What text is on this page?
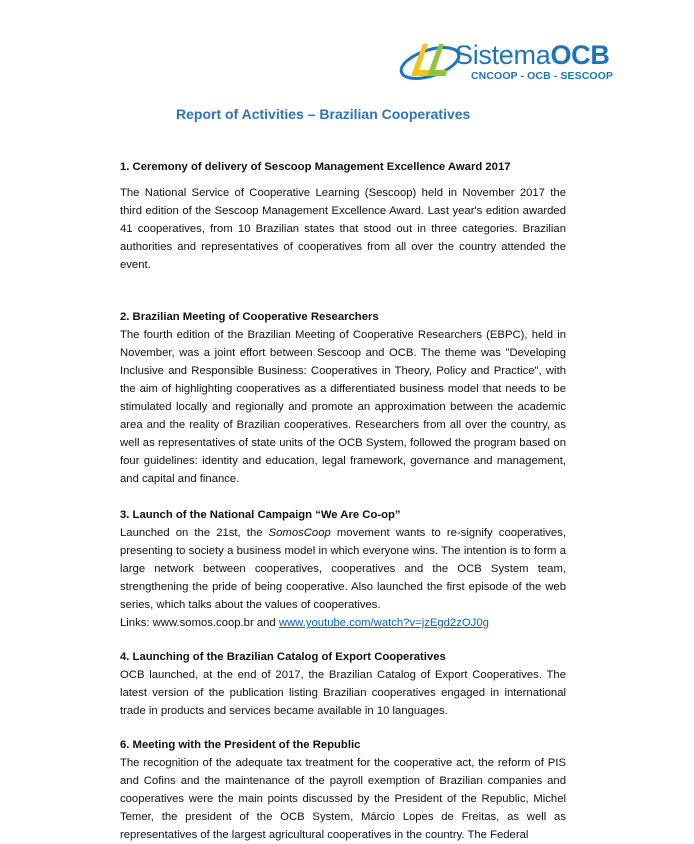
SistemaOCB
CNCOOP - OCB - SESCOOP
Report of Activities – Brazilian Cooperatives
1. Ceremony of delivery of Sescoop Management Excellence Award 2017

The National Service of Cooperative Learning (Sescoop) held in November 2017 the third edition of the Sescoop Management Excellence Award. Last year's edition awarded 41 cooperatives, from 10 Brazilian states that stood out in three categories. Brazilian authorities and representatives of cooperatives from all over the country attended the event.

2. Brazilian Meeting of Cooperative Researchers

The fourth edition of the Brazilian Meeting of Cooperative Researchers (EBPC), held in November, was a joint effort between Sescoop and OCB. The theme was "Developing Inclusive and Responsible Business: Cooperatives in Theory, Policy and Practice", with the aim of highlighting cooperatives as a differentiated business model that needs to be stimulated locally and regionally and promote an approximation between the academic area and the reality of Brazilian cooperatives. Researchers from all over the country, as well as representatives of state units of the OCB System, followed the program based on four guidelines: identity and education, legal framework, governance and management, and capital and finance.

3. Launch of the National Campaign “We Are Co-op”

Launched on the 21st, the SomosCoop movement wants to re-signify cooperatives, presenting to society a business model in which everyone wins. The intention is to form a large network between cooperatives, cooperatives and the OCB System team, strengthening the pride of being cooperative. Also launched the first episode of the web series, which talks about the values of cooperatives.

Links: www.somos.coop.br and www.youtube.com/watch?v=jzEgd2zOJ0g

4. Launching of the Brazilian Catalog of Export Cooperatives

OCB launched, at the end of 2017, the Brazilian Catalog of Export Cooperatives. The latest version of the publication listing Brazilian cooperatives engaged in international trade in products and services became available in 10 languages.

6. Meeting with the President of the Republic

The recognition of the adequate tax treatment for the cooperative act, the reform of PIS and Cofins and the maintenance of the payroll exemption of Brazilian companies and cooperatives were the main points discussed by the President of the Republic, Michel Temer, the president of the OCB System, Márcio Lopes de Freitas, as well as representatives of the largest agricultural cooperatives in the country. The Federal
